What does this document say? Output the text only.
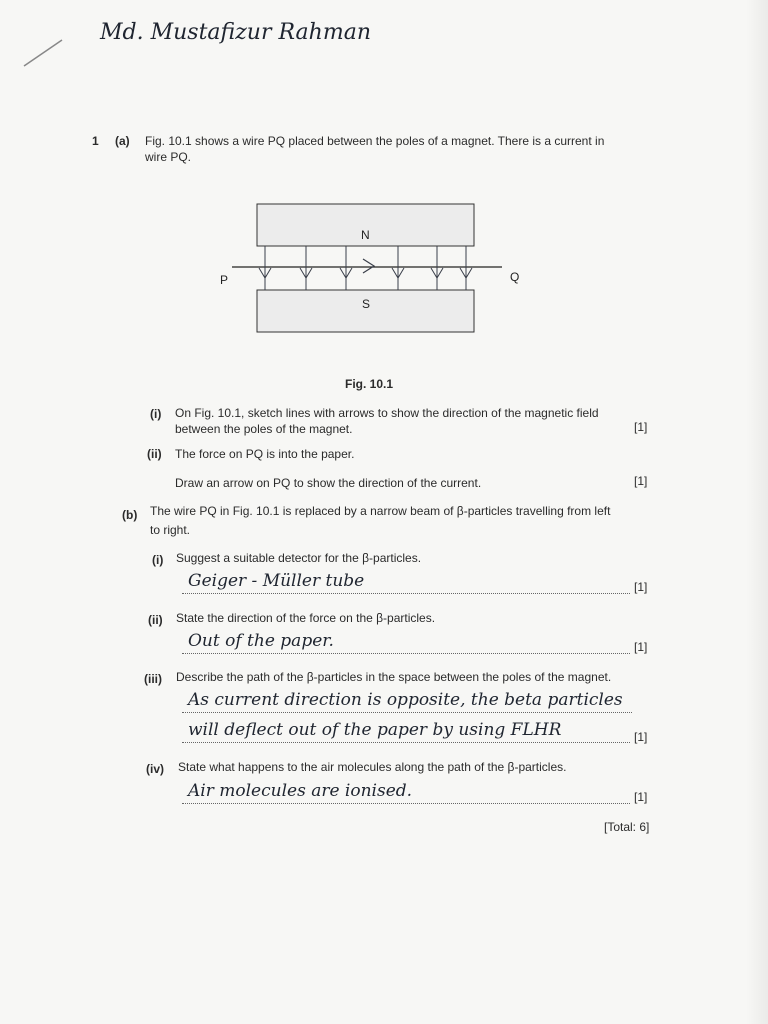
Md. Mustafizur Rahman
1 (a) Fig. 10.1 shows a wire PQ placed between the poles of a magnet. There is a current in
wire PQ.
N
S
P	Q
Fig. 10.1
(i) On Fig. 10.1, sketch lines with arrows to show the direction of the magnetic field
between the poles of the magnet.	[1]
(ii) The force on PQ is into the paper.
Draw an arrow on PQ to show the direction of the current.	[1]
(b) The wire PQ in Fig. 10.1 is replaced by a narrow beam of β-particles travelling from left
to right.
(i) Suggest a suitable detector for the β-particles.
Geiger - Müller tube	[1]
(ii) State the direction of the force on the β-particles.
Out of the paper.	[1]
(iii) Describe the path of the β-particles in the space between the poles of the magnet.
As current direction is opposite, the beta particles
will deflect out of the paper by using FLHR	[1]
(iv) State what happens to the air molecules along the path of the β-particles.
Air molecules are ionised.	[1]
[Total: 6]
